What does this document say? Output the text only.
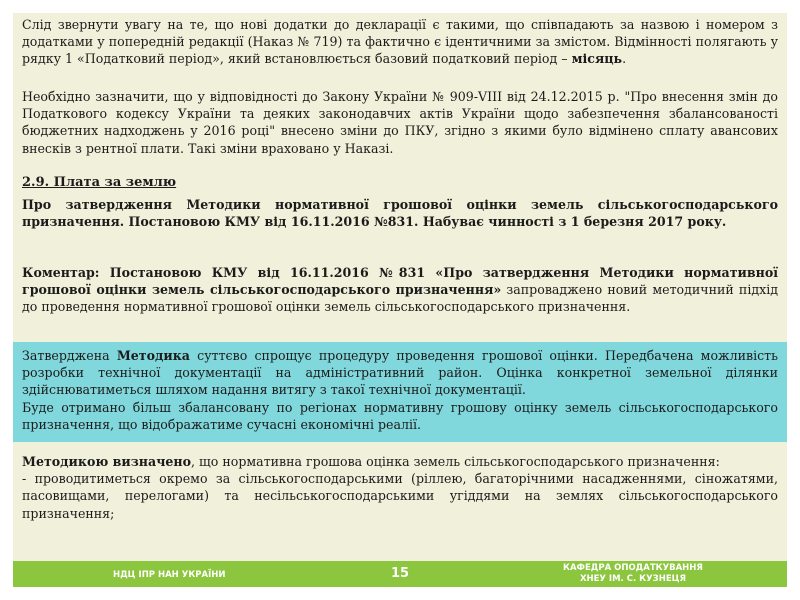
Слід звернути увагу на те, що нові додатки до декларації є такими, що співпадають за назвою і номером з додатками у попередній редакції (Наказ № 719) та фактично є ідентичними за змістом. Відмінності полягають у рядку 1 «Податковий період», який встановлюється базовий податковий період – місяць.

Необхідно зазначити, що у відповідності до Закону України № 909-VIII від 24.12.2015 р. "Про внесення змін до Податкового кодексу України та деяких законодавчих актів України щодо забезпечення збалансованості бюджетних надходжень у 2016 році" внесено зміни до ПКУ, згідно з якими було відмінено сплату авансових внесків з рентної плати. Такі зміни враховано у Наказі.

2.9. Плата за землю

Про затвердження Методики нормативної грошової оцінки земель сільськогосподарського призначення. Постановою КМУ від 16.11.2016 №831. Набуває чинності з 1 березня 2017 року.

Коментар: Постановою КМУ від 16.11.2016 №831 «Про затвердження Методики нормативної грошової оцінки земель сільськогосподарського призначення» запроваджено новий методичний підхід до проведення нормативної грошової оцінки земель сільськогосподарського призначення.

Затверджена Методика суттєво спрощує процедуру проведення грошової оцінки. Передбачена можливість розробки технічної документації на адміністративний район. Оцінка конкретної земельної ділянки здійснюватиметься шляхом надання витягу з такої технічної документації.

Буде отримано більш збалансовану по регіонах нормативну грошову оцінку земель сільськогосподарського призначення, що відображатиме сучасні економічні реалії.

Методикою визначено, що нормативна грошова оцінка земель сільськогосподарського призначення:

- проводитиметься окремо за сільськогосподарськими (ріллею, багаторічними насадженнями, сіножатями, пасовищами, перелогами) та несільськогосподарськими угіддями на землях сільськогосподарського призначення;

НДЦ ІПР НАН УКРАЇНИ	15	КАФЕДРА ОПОДАТКУВАННЯ
ХНЕУ ІМ. С. КУЗНЕЦЯ
